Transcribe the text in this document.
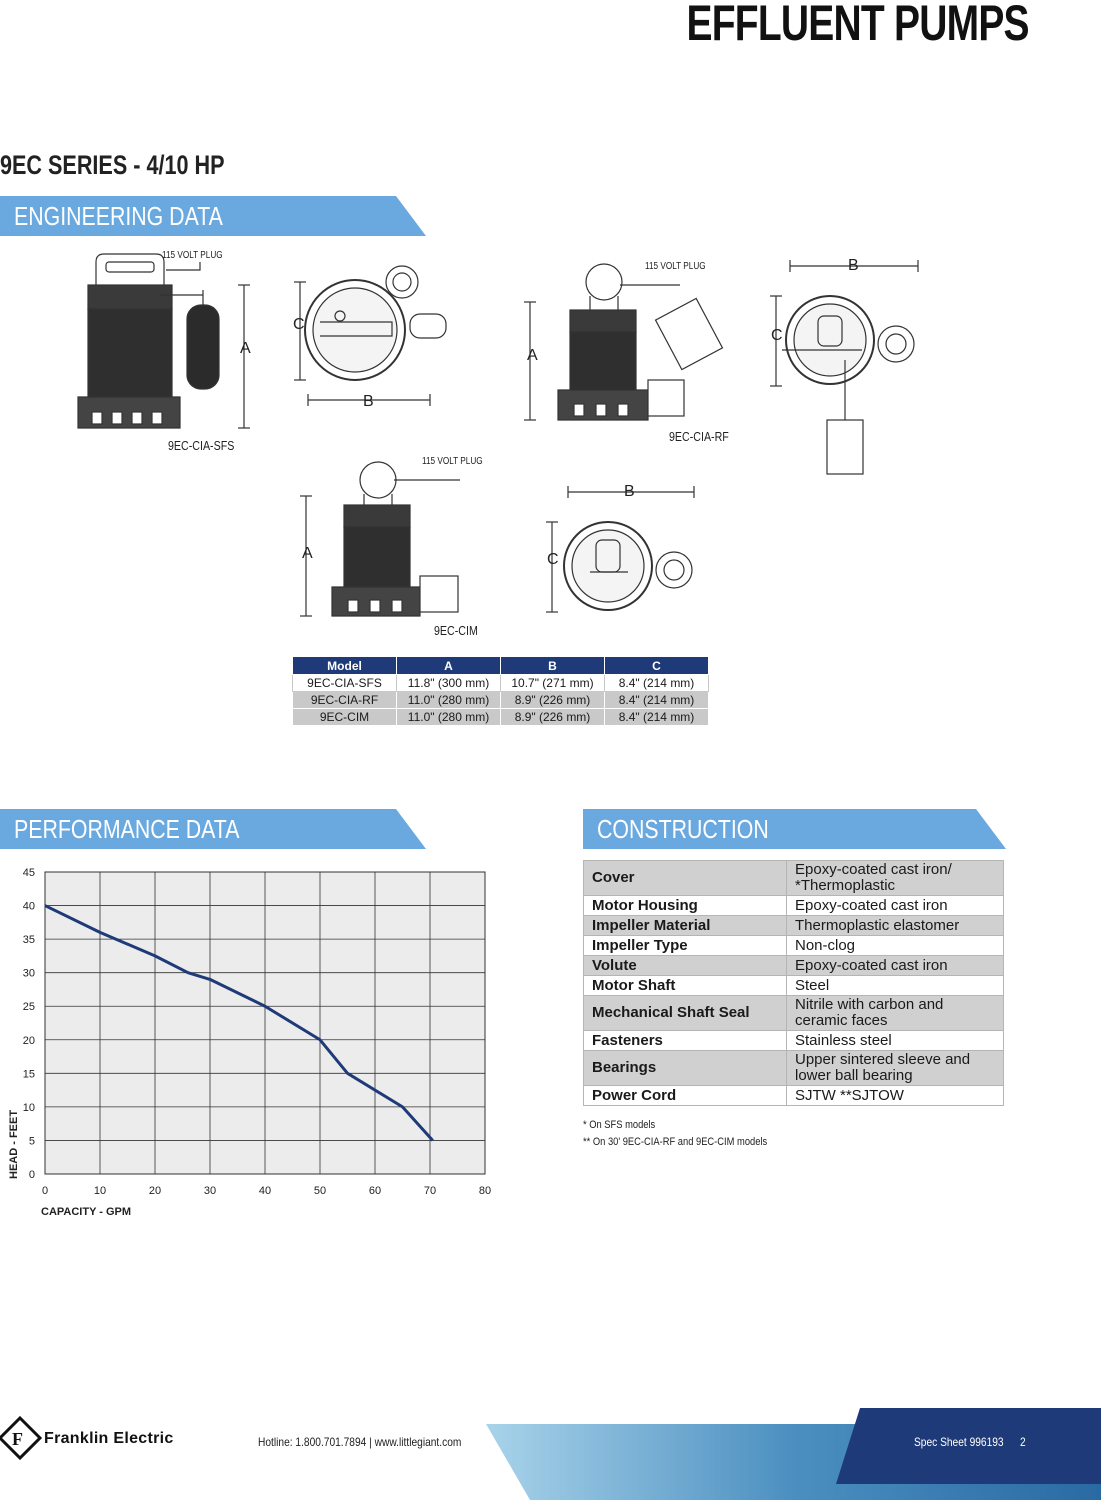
EFFLUENT PUMPS
9EC SERIES - 4/10 HP
ENGINEERING DATA
PERFORMANCE DATA	CONSTRUCTION
115 VOLT PLUG
115 VOLT PLUG
115 VOLT PLUG
A
C
B
A
B
C
A
B
C
9EC-CIA-SFS
9EC-CIA-RF
9EC-CIM
Model	A	B	C
9EC-CIA-SFS	11.8" (300 mm)	10.7" (271 mm)	8.4" (214 mm)
9EC-CIA-RF	11.0" (280 mm)	8.9" (226 mm)	8.4" (214 mm)
9EC-CIM	11.0" (280 mm)	8.9" (226 mm)	8.4" (214 mm)
0	10	20	30	40	50	60	70	80
0
5
10
15
20
25
30
35
40
45
CAPACITY - GPM
HEAD - FEET
Cover	Epoxy-coated cast iron/ *Thermoplastic
Motor Housing	Epoxy-coated cast iron
Impeller Material	Thermoplastic elastomer
Impeller Type	Non-clog
Volute	Epoxy-coated cast iron
Motor Shaft	Steel
Mechanical Shaft Seal	Nitrile with carbon and ceramic faces
Fasteners	Stainless steel
Bearings	Upper sintered sleeve and lower ball bearing
Power Cord	SJTW **SJTOW
* On SFS models
** On 30' 9EC-CIA-RF and 9EC-CIM models
F Franklin Electric	Hotline: 1.800.701.7894 | www.littlegiant.com	Spec Sheet 996193 2
